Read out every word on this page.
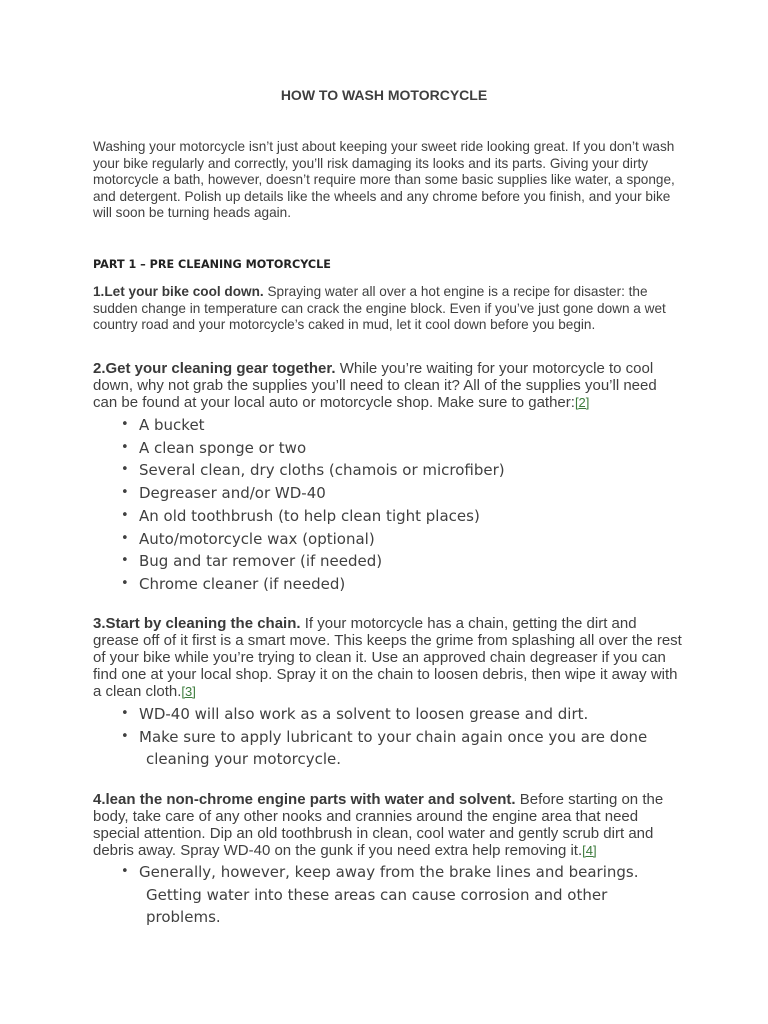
HOW TO WASH MOTORCYCLE
Washing your motorcycle isn’t just about keeping your sweet ride looking great. If you don’t wash your bike regularly and correctly, you’ll risk damaging its looks and its parts. Giving your dirty motorcycle a bath, however, doesn’t require more than some basic supplies like water, a sponge, and detergent. Polish up details like the wheels and any chrome before you finish, and your bike will soon be turning heads again.
PART 1 – PRE CLEANING MOTORCYCLE
1.Let your bike cool down. Spraying water all over a hot engine is a recipe for disaster: the sudden change in temperature can crack the engine block. Even if you’ve just gone down a wet country road and your motorcycle’s caked in mud, let it cool down before you begin.
2.Get your cleaning gear together. While you’re waiting for your motorcycle to cool down, why not grab the supplies you’ll need to clean it? All of the supplies you’ll need can be found at your local auto or motorcycle shop. Make sure to gather:[2]
• A bucket
• A clean sponge or two
• Several clean, dry cloths (chamois or microfiber)
• Degreaser and/or WD-40
• An old toothbrush (to help clean tight places)
• Auto/motorcycle wax (optional)
• Bug and tar remover (if needed)
• Chrome cleaner (if needed)
3.Start by cleaning the chain. If your motorcycle has a chain, getting the dirt and grease off of it first is a smart move. This keeps the grime from splashing all over the rest of your bike while you’re trying to clean it. Use an approved chain degreaser if you can find one at your local shop. Spray it on the chain to loosen debris, then wipe it away with a clean cloth.[3]
• WD-40 will also work as a solvent to loosen grease and dirt.
• Make sure to apply lubricant to your chain again once you are done
cleaning your motorcycle.
4.lean the non-chrome engine parts with water and solvent. Before starting on the body, take care of any other nooks and crannies around the engine area that need special attention. Dip an old toothbrush in clean, cool water and gently scrub dirt and debris away. Spray WD-40 on the gunk if you need extra help removing it.[4]
• Generally, however, keep away from the brake lines and bearings.
Getting water into these areas can cause corrosion and other
problems.
